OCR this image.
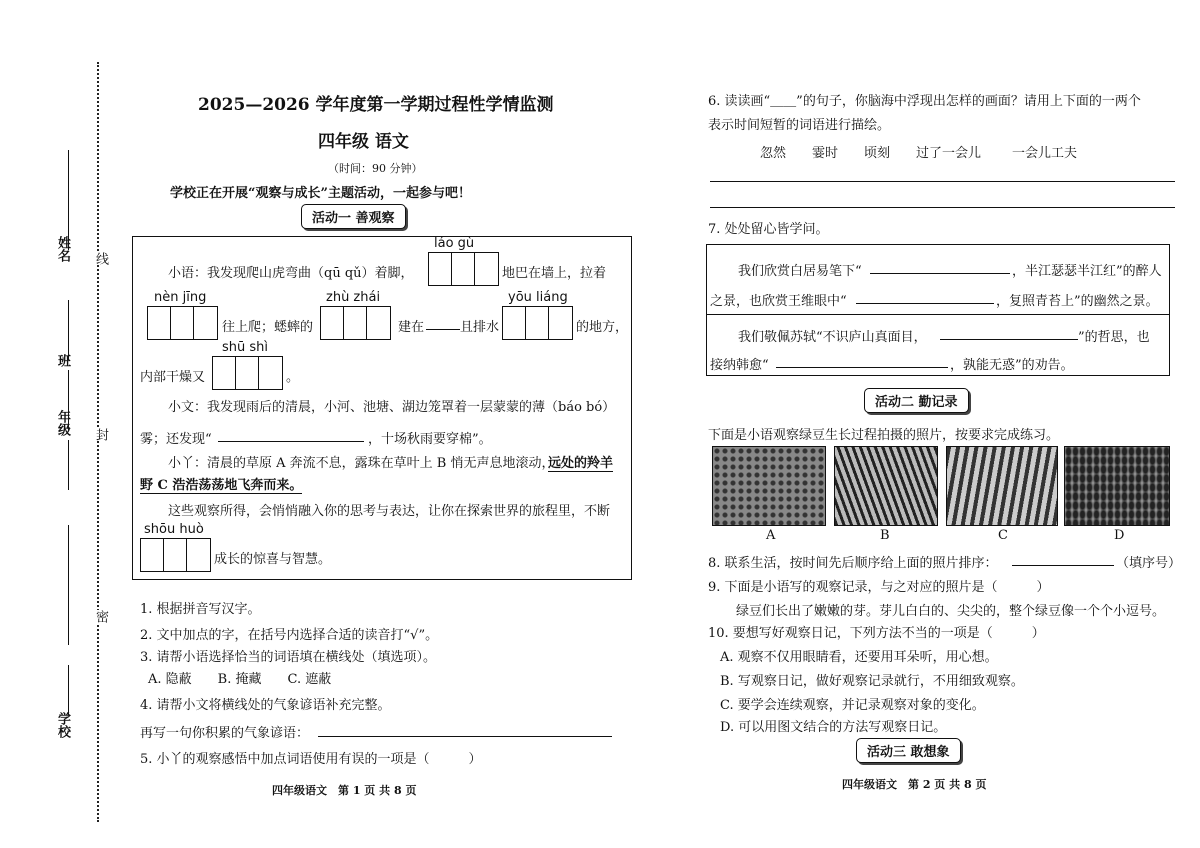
姓名
班
年级
学校
线
封
密
2025—2026 学年度第一学期过程性学情监测
四年级 语文
（时间：90 分钟）
学校正在开展“观察与成长”主题活动，一起参与吧！
活动一 善观察
láo gù
小语：我发现爬山虎弯曲（qū qǔ）着脚，	地巴在墙上，拉着
nèn jīng	zhù zhái	yōu liáng
往上爬；蟋蟀的	建在	且排水	的地方，
shū shì
内部干燥又	。
小文：我发现雨后的清晨，小河、池塘、湖边笼罩着一层蒙蒙的薄（báo bó）
雾；还发现“	，十场秋雨要穿棉”。
小丫：清晨的草原 A 奔流不息，露珠在草叶上 B 悄无声息地滚动，
远处的羚羊
野 C 浩浩荡荡地飞奔而来。
这些观察所得，会悄悄融入你的思考与表达，让你在探索世界的旅程里，不断
shōu huò
成长的惊喜与智慧。
1. 根据拼音写汉字。
2. 文中加点的字，在括号内选择合适的读音打“√”。
3. 请帮小语选择恰当的词语填在横线处（填选项）。
A. 隐蔽　　B. 掩藏　　C. 遮蔽
4. 请帮小文将横线处的气象谚语补充完整。
再写一句你积累的气象谚语：
5. 小丫的观察感悟中加点词语使用有误的一项是（　　　）
四年级语文　第 1 页 共 8 页
6. 读读画“＿＿”的句子，你脑海中浮现出怎样的画面？请用上下面的一两个
表示时间短暂的词语进行描绘。
忽然 霎时 顷刻 过了一会儿 一会儿工夫
7. 处处留心皆学问。
我们欣赏白居易笔下“	，半江瑟瑟半江红”的醉人
之景，也欣赏王维眼中“	，复照青苔上”的幽然之景。
我们敬佩苏轼“不识庐山真面目，	”的哲思，也
接纳韩愈“	，孰能无惑”的劝告。
活动二 勤记录
下面是小语观察绿豆生长过程拍摄的照片，按要求完成练习。
A	B	C	D
8. 联系生活，按时间先后顺序给上面的照片排序：	（填序号）
9. 下面是小语写的观察记录，与之对应的照片是（　　　）
绿豆们长出了嫩嫩的芽。芽儿白白的、尖尖的，整个绿豆像一个个小逗号。
10. 要想写好观察日记，下列方法不当的一项是（　　　）
A. 观察不仅用眼睛看，还要用耳朵听，用心想。
B. 写观察日记，做好观察记录就行，不用细致观察。
C. 要学会连续观察，并记录观察对象的变化。
D. 可以用图文结合的方法写观察日记。
活动三 敢想象
四年级语文　第 2 页 共 8 页
